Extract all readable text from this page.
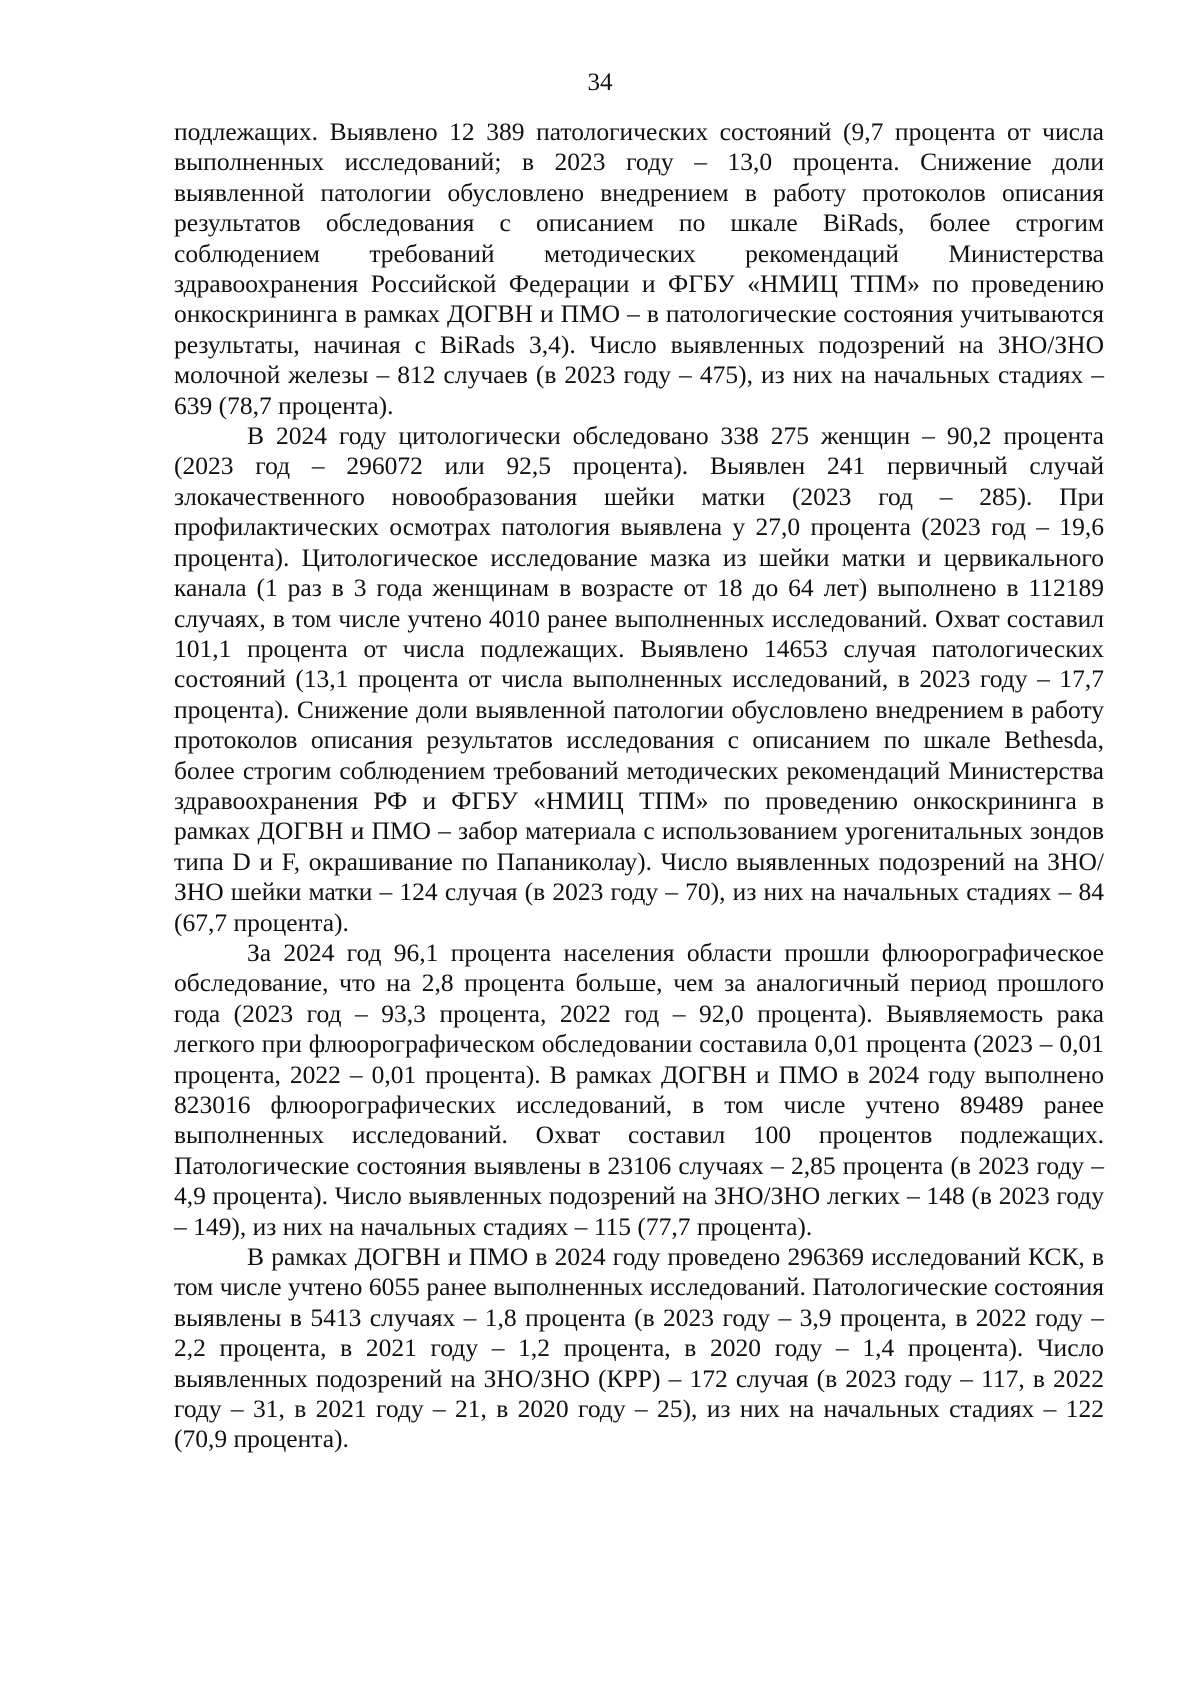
34

подлежащих. Выявлено 12 389 патологических состояний (9,7 процента от числа выполненных исследований; в 2023 году – 13,0 процента. Снижение доли выявленной патологии обусловлено внедрением в работу протоколов описания результатов обследования с описанием по шкале BiRads, более строгим соблюдением требований методических рекомендаций Министерства здравоохранения Российской Федерации и ФГБУ «НМИЦ ТПМ» по проведению онкоскрининга в рамках ДОГВН и ПМО – в патологические состояния учитываются результаты, начиная с BiRads 3,4). Число выявленных подозрений на ЗНО/ЗНО молочной железы – 812 случаев (в 2023 году – 475), из них на начальных стадиях – 639 (78,7 процента).

В 2024 году цитологически обследовано 338 275 женщин – 90,2 процента (2023 год – 296072 или 92,5 процента). Выявлен 241 первичный случай злокачественного новообразования шейки матки (2023 год – 285). При профилактических осмотрах патология выявлена у 27,0 процента (2023 год – 19,6 процента). Цитологическое исследование мазка из шейки матки и цервикального канала (1 раз в 3 года женщинам в возрасте от 18 до 64 лет) выполнено в 112189 случаях, в том числе учтено 4010 ранее выполненных исследований. Охват составил 101,1 процента от числа подлежащих. Выявлено 14653 случая патологических состояний (13,1 процента от числа выполненных исследований, в 2023 году – 17,7 процента). Снижение доли выявленной патологии обусловлено внедрением в работу протоколов описания результатов исследования с описанием по шкале Bethesda, более строгим соблюдением требований методических рекомендаций Министерства здравоохранения РФ и ФГБУ «НМИЦ ТПМ» по проведению онкоскрининга в рамках ДОГВН и ПМО – забор материала с использованием урогенитальных зондов типа D и F, окрашивание по Папаниколау). Число выявленных подозрений на ЗНО/ЗНО шейки матки – 124 случая (в 2023 году – 70), из них на начальных стадиях – 84 (67,7 процента).

За 2024 год 96,1 процента населения области прошли флюорографическое обследование, что на 2,8 процента больше, чем за аналогичный период прошлого года (2023 год – 93,3 процента, 2022 год – 92,0 процента). Выявляемость рака легкого при флюорографическом обследовании составила 0,01 процента (2023 – 0,01 процента, 2022 – 0,01 процента). В рамках ДОГВН и ПМО в 2024 году выполнено 823016 флюорографических исследований, в том числе учтено 89489 ранее выполненных исследований. Охват составил 100 процентов подлежащих. Патологические состояния выявлены в 23106 случаях – 2,85 процента (в 2023 году – 4,9 процента). Число выявленных подозрений на ЗНО/ЗНО легких – 148 (в 2023 году – 149), из них на начальных стадиях – 115 (77,7 процента).

В рамках ДОГВН и ПМО в 2024 году проведено 296369 исследований КСК, в том числе учтено 6055 ранее выполненных исследований. Патологические состояния выявлены в 5413 случаях – 1,8 процента (в 2023 году – 3,9 процента, в 2022 году – 2,2 процента, в 2021 году – 1,2 процента, в 2020 году – 1,4 процента). Число выявленных подозрений на ЗНО/ЗНО (КРР) – 172 случая (в 2023 году – 117, в 2022 году – 31, в 2021 году – 21, в 2020 году – 25), из них на начальных стадиях – 122 (70,9 процента).
